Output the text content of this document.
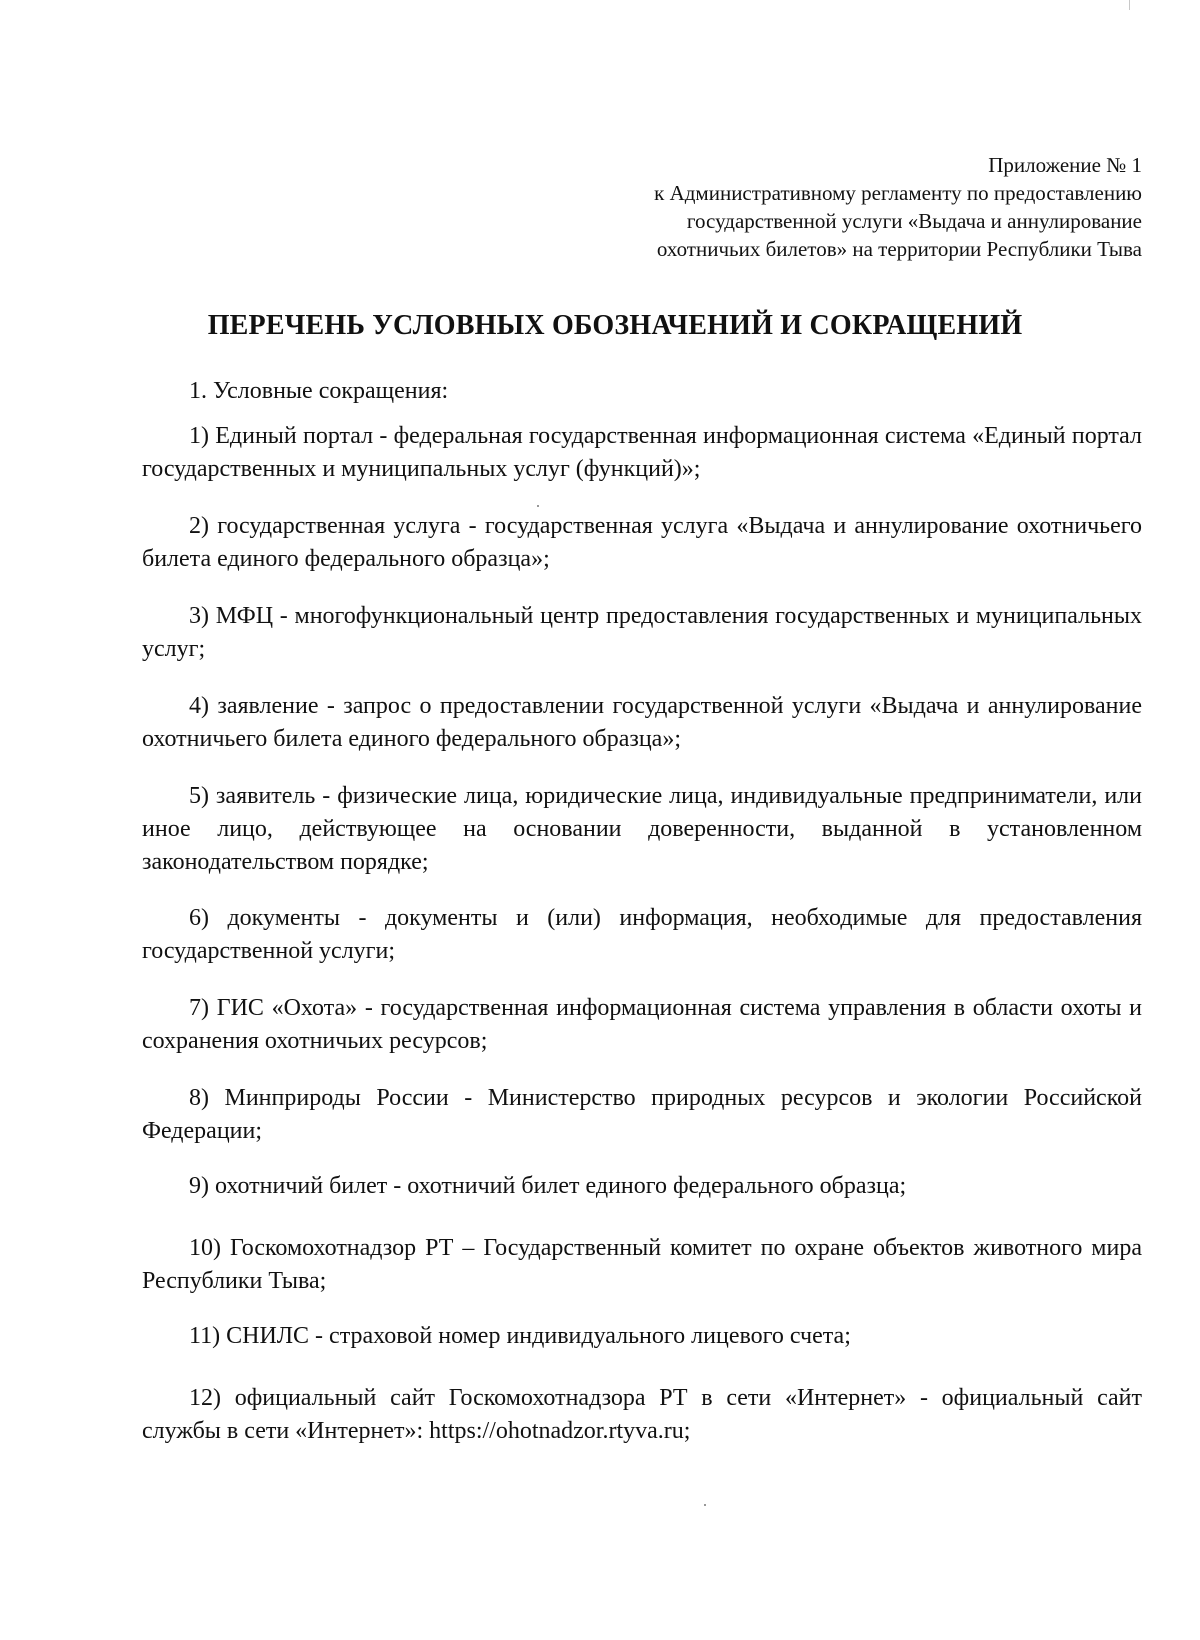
Приложение № 1
к Административному регламенту по предоставлению
государственной услуги «Выдача и аннулирование
охотничьих билетов» на территории Республики Тыва
ПЕРЕЧЕНЬ УСЛОВНЫХ ОБОЗНАЧЕНИЙ И СОКРАЩЕНИЙ
1. Условные сокращения:

1) Единый портал - федеральная государственная информационная система «Единый портал государственных и муниципальных услуг (функций)»;

2) государственная услуга - государственная услуга «Выдача и аннулирование охотничьего билета единого федерального образца»;

3) МФЦ - многофункциональный центр предоставления государственных и муниципальных услуг;

4) заявление - запрос о предоставлении государственной услуги «Выдача и аннулирование охотничьего билета единого федерального образца»;

5) заявитель - физические лица, юридические лица, индивидуальные предприниматели, или иное лицо, действующее на основании доверенности, выданной в установленном законодательством порядке;

6) документы - документы и (или) информация, необходимые для предоставления государственной услуги;

7) ГИС «Охота» - государственная информационная система управления в области охоты и сохранения охотничьих ресурсов;

8) Минприроды России - Министерство природных ресурсов и экологии Российской Федерации;

9) охотничий билет - охотничий билет единого федерального образца;

10) Госкомохотнадзор РТ – Государственный комитет по охране объектов животного мира Республики Тыва;

11) СНИЛС - страховой номер индивидуального лицевого счета;

12) официальный сайт Госкомохотнадзора РТ в сети «Интернет» - официальный сайт службы в сети «Интернет»: https://ohotnadzor.rtyva.ru;
